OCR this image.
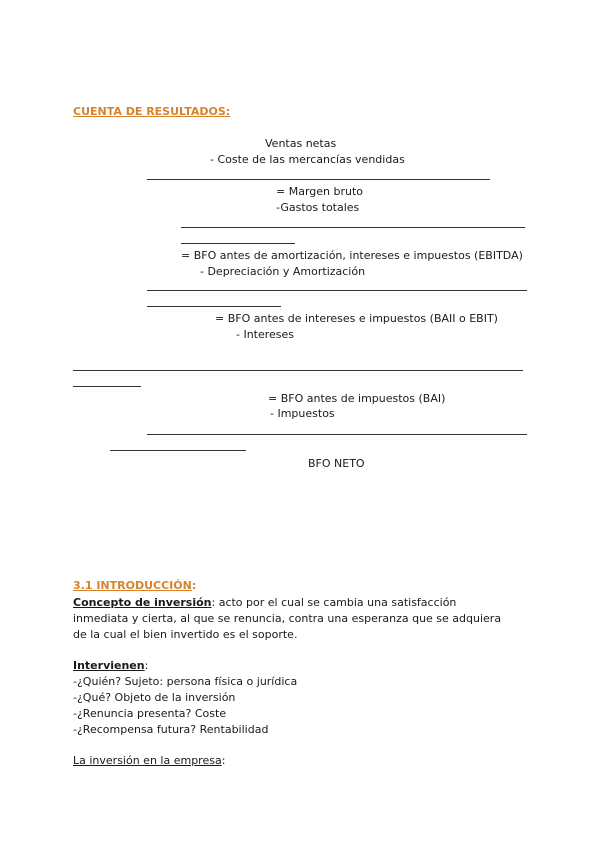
CUENTA DE RESULTADOS:
Ventas netas
- Coste de las mercancías vendidas
= Margen bruto
-Gastos totales
= BFO antes de amortización, intereses e impuestos (EBITDA)
- Depreciación y Amortización
= BFO antes de intereses e impuestos (BAII o EBIT)
- Intereses
= BFO antes de impuestos (BAI)
- Impuestos
BFO NETO
3.1 INTRODUCCIÓN:
Concepto de inversión: acto por el cual se cambia una satisfacción inmediata y cierta, al que se renuncia, contra una esperanza que se adquiera de la cual el bien invertido es el soporte.
Intervienen:
-¿Quién? Sujeto: persona física o jurídica
-¿Qué? Objeto de la inversión
-¿Renuncia presenta? Coste
-¿Recompensa futura? Rentabilidad
La inversión en la empresa:
